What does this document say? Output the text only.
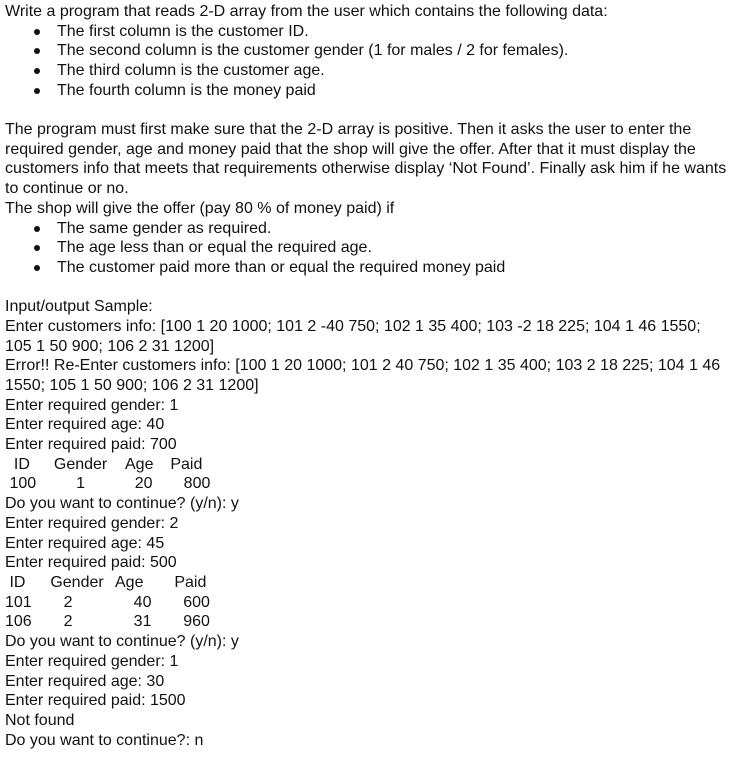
Write a program that reads 2-D array from the user which contains the following data:

The first column is the customer ID.
The second column is the customer gender (1 for males / 2 for females).
The third column is the customer age.
The fourth column is the money paid

The program must first make sure that the 2-D array is positive. Then it asks the user to enter the required gender, age and money paid that the shop will give the offer. After that it must display the customers info that meets that requirements otherwise display ‘Not Found’. Finally ask him if he wants to continue or no.

The shop will give the offer (pay 80 % of money paid) if

The same gender as required.
The age less than or equal the required age.
The customer paid more than or equal the required money paid

Input/output Sample:

Enter customers info: [100 1 20 1000; 101 2 -40 750; 102 1 35 400; 103 -2 18 225; 104 1 46 1550; 105 1 50 900; 106 2 31 1200]

Error!! Re-Enter customers info: [100 1 20 1000; 101 2 40 750; 102 1 35 400; 103 2 18 225; 104 1 46 1550; 105 1 50 900; 106 2 31 1200]

Enter required gender: 1

Enter required age: 40

Enter required paid: 700

ID	Gender	Age	Paid
100	1	20	800

Do you want to continue? (y/n): y

Enter required gender: 2

Enter required age: 45

Enter required paid: 500

ID	Gender	Age	Paid
101	2	40	600
106	2	31	960

Do you want to continue? (y/n): y

Enter required gender: 1

Enter required age: 30

Enter required paid: 1500

Not found

Do you want to continue?: n
